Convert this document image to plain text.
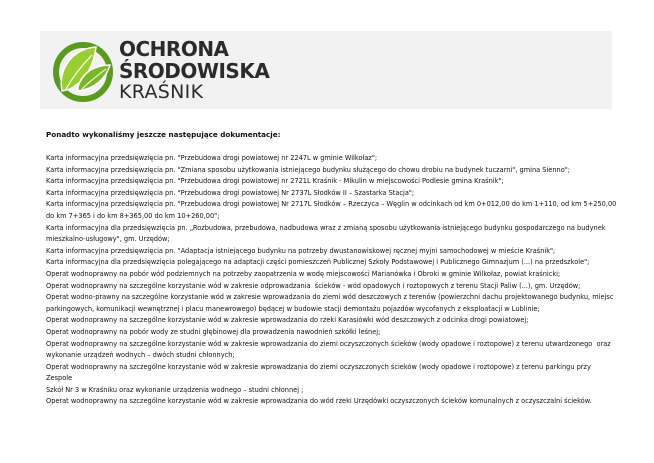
OCHRONA
ŚRODOWISKA
KRAŚNIK

Ponadto wykonaliśmy jeszcze następujące dokumentacje:

Karta informacyjna przedsięwzięcia pn. "Przebudowa drogi powiatowej nr 2247L w gminie Wilkołaz";
Karta informacyjna przedsięwzięcia pn. "Zmiana sposobu użytkowania istniejącego budynku służącego do chowu drobiu na budynek tuczarni", gmina Sienno";
Karta informacyjna przedsięwzięcia pn. "Przebudowa drogi powiatowej nr 2721L Kraśnik - Mikulin w miejscowości Podlesie gmina Kraśnik";
Karta informacyjna przedsięwzięcia pn. "Przebudowa drogi powiatowej Nr 2737L Słodków II – Szastarka Stacja";
Karta informacyjna przedsięwzięcia pn. "Przebudowa drogi powiatowej Nr 2717L Słodków – Rzeczyca – Węglin w odcinkach od km 0+012,00 do km 1+110, od km 5+250,00
do km 7+365 i do km 8+365,00 do km 10+260,00";
Karta informacyjna dla przedsięwzięcia pn. „Rozbudowa, przebudowa, nadbudowa wraz z zmianą sposobu użytkowania istniejącego budynku gospodarczego na budynek
mieszkalno-usługowy", gm. Urzędów;
Karta informacyjna przedsięwzięcia pn. "Adaptacja istniejącego budynku na potrzeby dwustanowiskowej ręcznej myjni samochodowej w mieście Kraśnik";
Karta informacyjna dla przedsięwzięcia polegającego na adaptacji części pomieszczeń Publicznej Szkoły Podstawowej i Publicznego Gimnazjum (...) na przedszkole";
Operat wodnoprawny na pobór wód podziemnych na potrzeby zaopatrzenia w wodę miejscowości Marianówka i Obroki w gminie Wilkołaz, powiat kraśnicki;
Operat wodnoprawny na szczególne korzystanie wód w zakresie odprowadzania  ścieków - wód opadowych i roztopowych z terenu Stacji Paliw (...), gm. Urzędów;
Operat wodno-prawny na szczególne korzystanie wód w zakresie wprowadzania do ziemi wód deszczowych z terenów (powierzchni dachu projektowanego budynku, miejsc
parkingowych, komunikacji wewnętrznej i placu manewrowego) będącej w budowie stacji demontażu pojazdów wycofanych z eksploatacji w Lublinie;
Operat wodnoprawny na szczególne korzystanie wód w zakresie wprowadzania do rzeki Karasiówki wód deszczowych z odcinka drogi powiatowej;
Operat wodnoprawny na pobór wody ze studni głębinowej dla prowadzenia nawodnień szkółki leśnej;
Operat wodnoprawny na szczególne korzystanie wód w zakresie wprowadzania do ziemi oczyszczonych ścieków (wody opadowe i roztopowe) z terenu utwardzonego  oraz
wykonanie urządzeń wodnych – dwóch studni chłonnych;
Operat wodnoprawny na szczególne korzystanie wód w zakresie wprowadzania do ziemi oczyszczonych ścieków (wody opadowe i roztopowe) z terenu parkingu przy Zespole
Szkół Nr 3 w Kraśniku oraz wykonanie urządzenia wodnego – studni chłonnej ;
Operat wodnoprawny na szczególne korzystanie wód w zakresie wprowadzania do wód rzeki Urzędówki oczyszczonych ścieków komunalnych z oczyszczalni ścieków.
